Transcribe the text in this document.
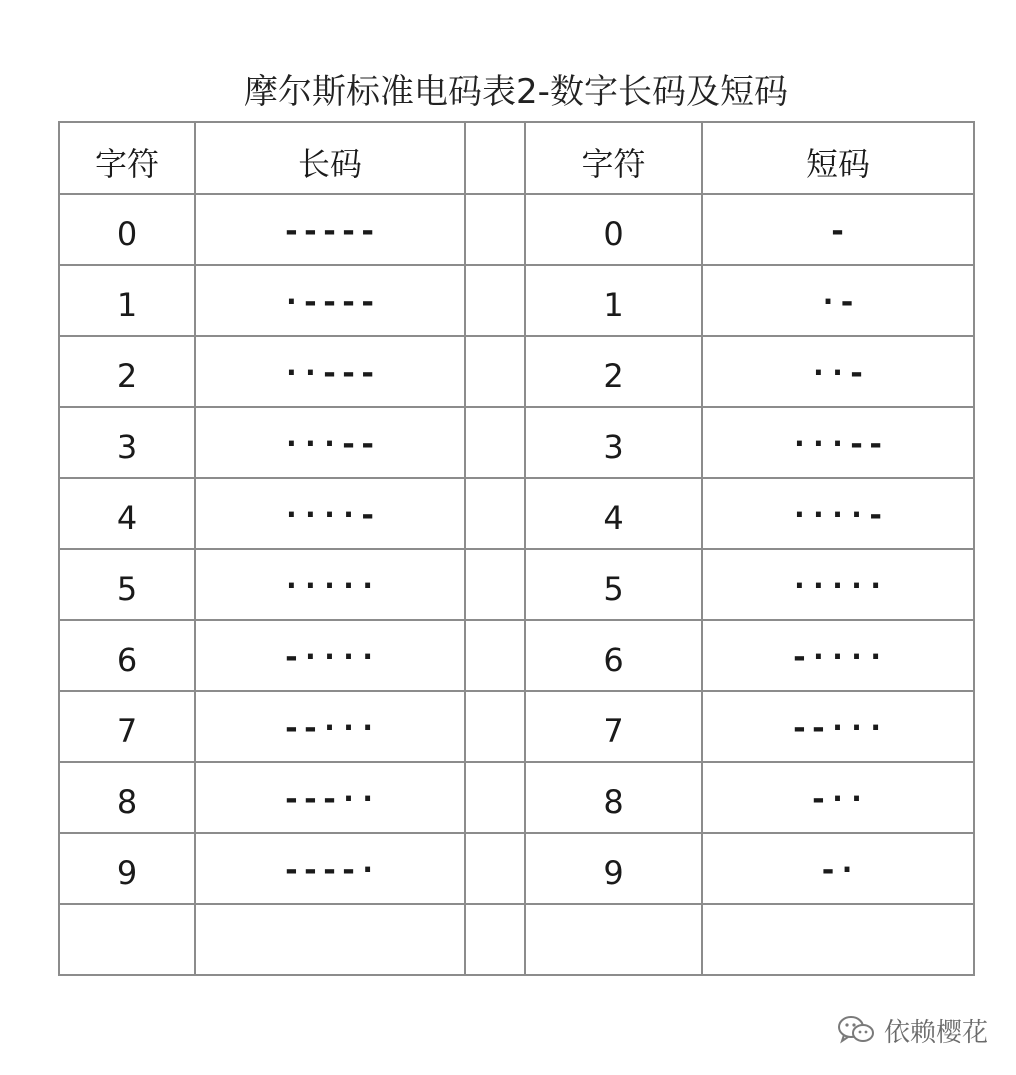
摩尔斯标准电码表2-数字长码及短码
字符	长码		字符	短码
0	-----		0	-
1	·----		1	·-
2	··---		2	··-
3	···--		3	···--
4	····-		4	····-
5	·····		5	·····
6	-····		6	-····
7	--···		7	--···
8	---··		8	-··
9	----·		9	-·

依赖樱花
